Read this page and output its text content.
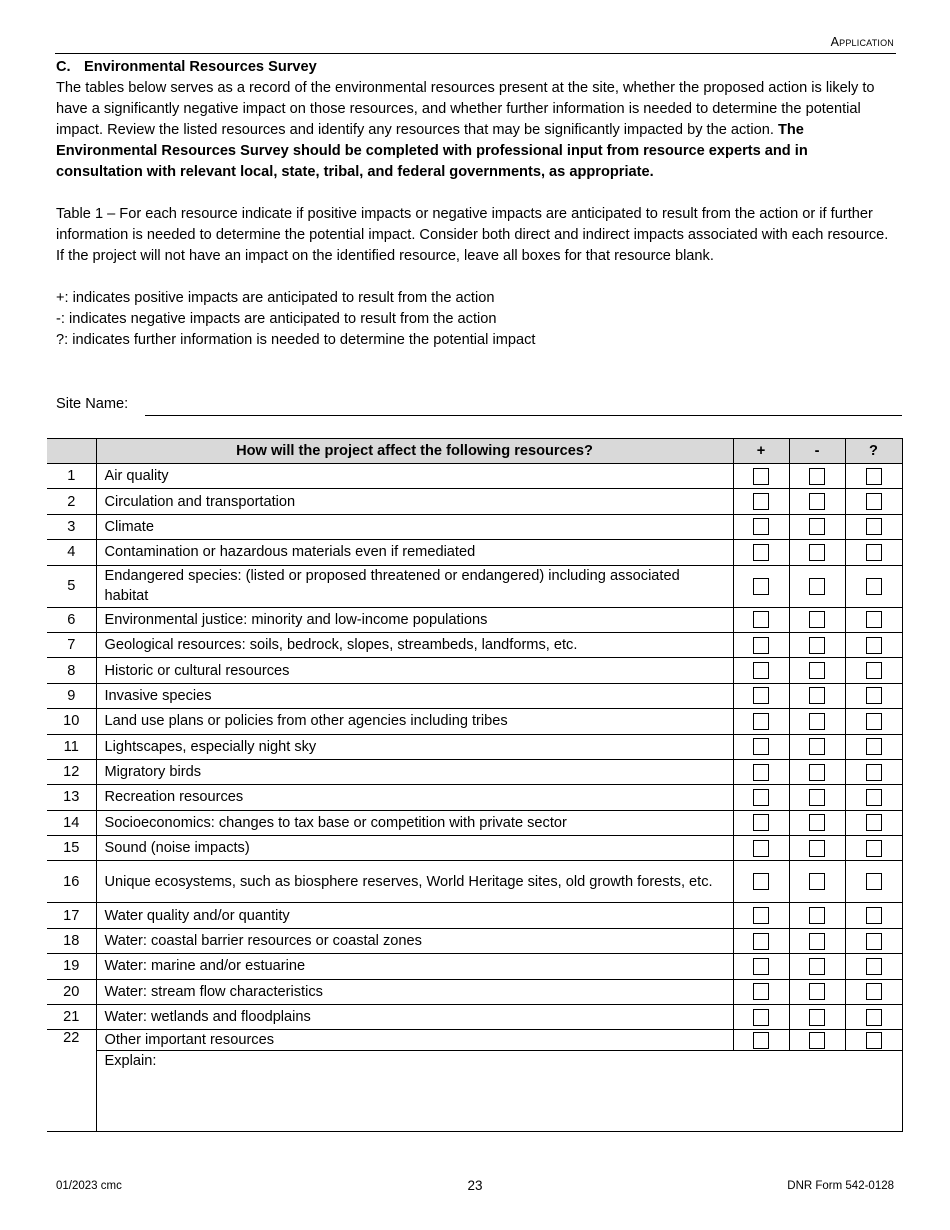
Application
C. Environmental Resources Survey

The tables below serves as a record of the environmental resources present at the site, whether the proposed action is likely to have a significantly negative impact on those resources, and whether further information is needed to determine the potential impact. Review the listed resources and identify any resources that may be significantly impacted by the action. The Environmental Resources Survey should be completed with professional input from resource experts and in consultation with relevant local, state, tribal, and federal governments, as appropriate.

Table 1 – For each resource indicate if positive impacts or negative impacts are anticipated to result from the action or if further information is needed to determine the potential impact. Consider both direct and indirect impacts associated with each resource. If the project will not have an impact on the identified resource, leave all boxes for that resource blank.

+: indicates positive impacts are anticipated to result from the action

-: indicates negative impacts are anticipated to result from the action

?: indicates further information is needed to determine the potential impact

Site Name:
	How will the project affect the following resources?	+	-	?
1	Air quality			
2	Circulation and transportation			
3	Climate			
4	Contamination or hazardous materials even if remediated			
5	Endangered species: (listed or proposed threatened or endangered) including associated habitat			
6	Environmental justice: minority and low-income populations			
7	Geological resources: soils, bedrock, slopes, streambeds, landforms, etc.			
8	Historic or cultural resources			
9	Invasive species			
10	Land use plans or policies from other agencies including tribes			
11	Lightscapes, especially night sky			
12	Migratory birds			
13	Recreation resources			
14	Socioeconomics: changes to tax base or competition with private sector			
15	Sound (noise impacts)			
16	Unique ecosystems, such as biosphere reserves, World Heritage sites, old growth forests, etc.			
17	Water quality and/or quantity			
18	Water: coastal barrier resources or coastal zones			
19	Water: marine and/or estuarine			
20	Water: stream flow characteristics			
21	Water: wetlands and floodplains			
22	Other important resources			
	Explain:			
01/2023 cmc	23	DNR Form 542-0128
